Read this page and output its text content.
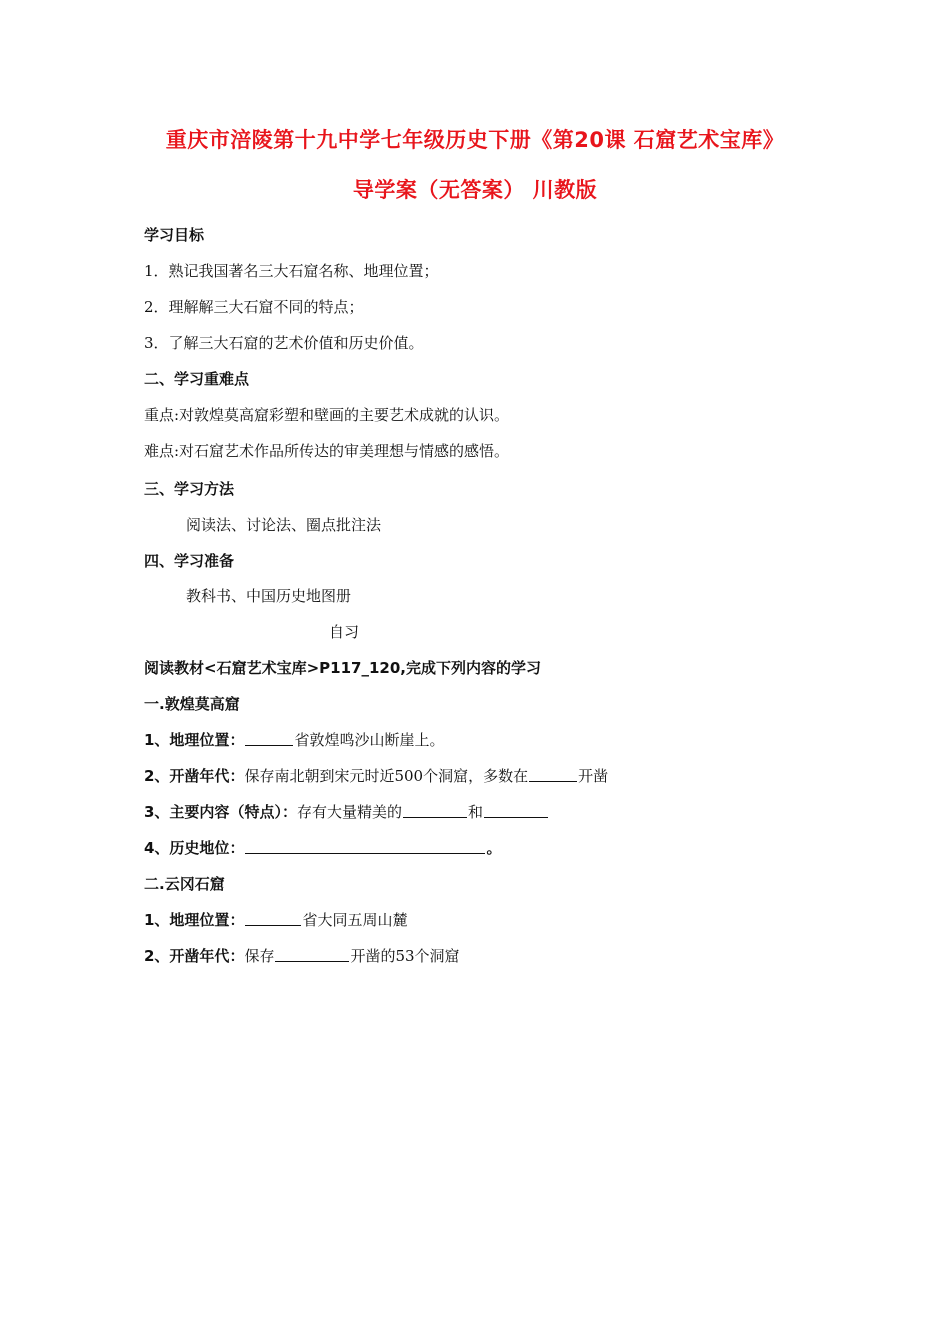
重庆市涪陵第十九中学七年级历史下册《第20课 石窟艺术宝库》
导学案（无答案） 川教版
学习目标
1．熟记我国著名三大石窟名称、地理位置；
2．理解解三大石窟不同的特点；
3．了解三大石窟的艺术价值和历史价值。
二、学习重难点
重点:对敦煌莫高窟彩塑和壁画的主要艺术成就的认识。
难点:对石窟艺术作品所传达的审美理想与情感的感悟。
三、学习方法
阅读法、讨论法、圈点批注法
四、学习准备
教科书、中国历史地图册
自习
阅读教材<石窟艺术宝库>P117_120,完成下列内容的学习
一.敦煌莫高窟
1、地理位置：	省敦煌鸣沙山断崖上。
2、开凿年代：保存南北朝到宋元时近500个洞窟，多数在	开凿
3、主要内容（特点）：存有大量精美的	和
4、历史地位：	。
二.云冈石窟
1、地理位置：	省大同五周山麓
2、开凿年代：保存	开凿的53个洞窟
